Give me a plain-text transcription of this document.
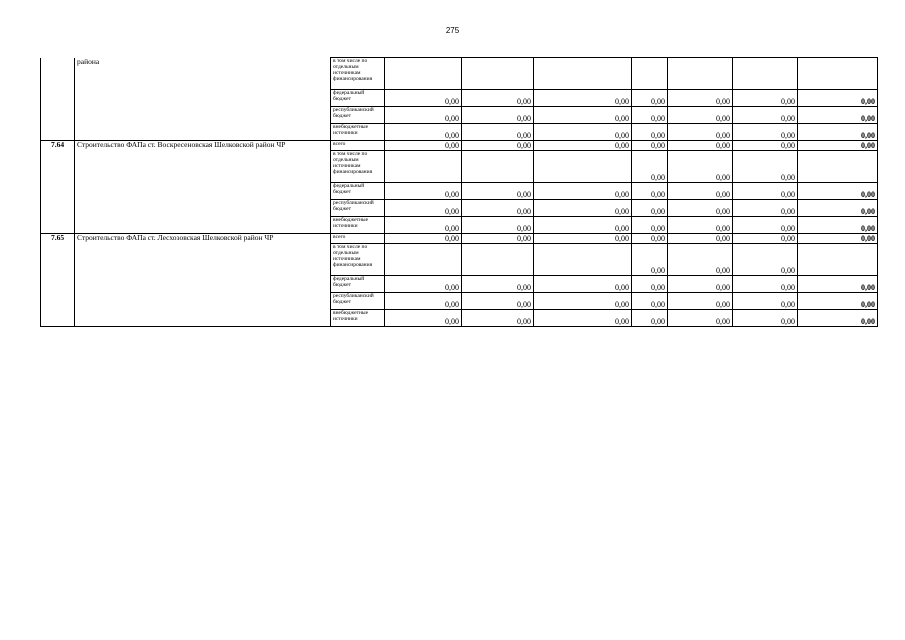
275
	района	в том числе по отдельным источникам финансирования							
		федеральный бюджет	0,00	0,00	0,00	0,00	0,00	0,00	0,00
		республиканский бюджет	0,00	0,00	0,00	0,00	0,00	0,00	0,00
		внебюджетные источники	0,00	0,00	0,00	0,00	0,00	0,00	0,00
7.64	Строительство ФАПа ст. Воскресеновская Шелковской район ЧР	всего	0,00	0,00	0,00	0,00	0,00	0,00	0,00
		в том числе по отдельным источникам финансирования				0,00	0,00	0,00	
		федеральный бюджет	0,00	0,00	0,00	0,00	0,00	0,00	0,00
		республиканский бюджет	0,00	0,00	0,00	0,00	0,00	0,00	0,00
		внебюджетные источники	0,00	0,00	0,00	0,00	0,00	0,00	0,00
7.65	Строительство ФАПа ст. Лесхозовская Шелковской район ЧР	всего	0,00	0,00	0,00	0,00	0,00	0,00	0,00
		в том числе по отдельным источникам финансирования				0,00	0,00	0,00	
		федеральный бюджет	0,00	0,00	0,00	0,00	0,00	0,00	0,00
		республиканский бюджет	0,00	0,00	0,00	0,00	0,00	0,00	0,00
		внебюджетные источники	0,00	0,00	0,00	0,00	0,00	0,00	0,00
